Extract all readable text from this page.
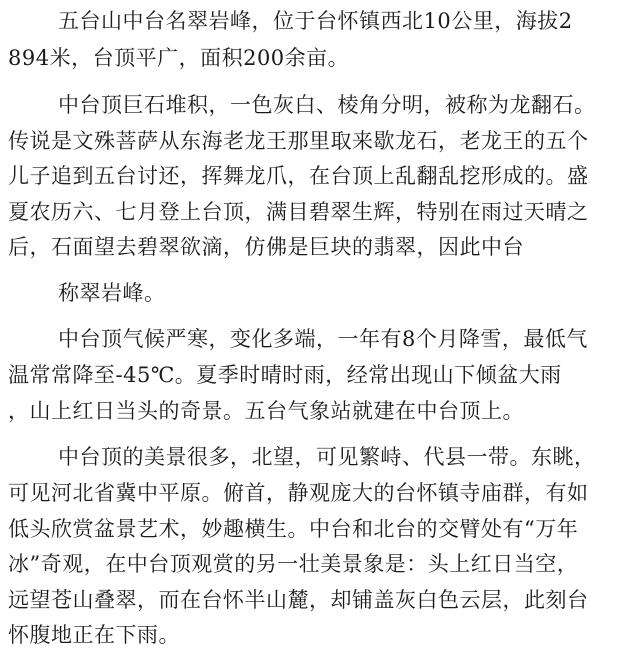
五台山中台名翠岩峰，位于台怀镇西北10公里，海拔2
894米，台顶平广，面积200余亩。
中台顶巨石堆积，一色灰白、棱角分明，被称为龙翻石。
传说是文殊菩萨从东海老龙王那里取来歇龙石，老龙王的五个
儿子追到五台讨还，挥舞龙爪，在台顶上乱翻乱挖形成的。盛
夏农历六、七月登上台顶，满目碧翠生辉，特别在雨过天晴之
后，石面望去碧翠欲滴，仿佛是巨块的翡翠，因此中台
称翠岩峰。
中台顶气候严寒，变化多端，一年有8个月降雪，最低气
温常常降至-45℃。夏季时晴时雨，经常出现山下倾盆大雨
，山上红日当头的奇景。五台气象站就建在中台顶上。
中台顶的美景很多，北望，可见繁峙、代县一带。东眺，
可见河北省冀中平原。俯首，静观庞大的台怀镇寺庙群，有如
低头欣赏盆景艺术，妙趣横生。中台和北台的交臂处有“万年
冰”奇观，在中台顶观赏的另一壮美景象是：头上红日当空，
远望苍山叠翠，而在台怀半山麓，却铺盖灰白色云层，此刻台
怀腹地正在下雨。
